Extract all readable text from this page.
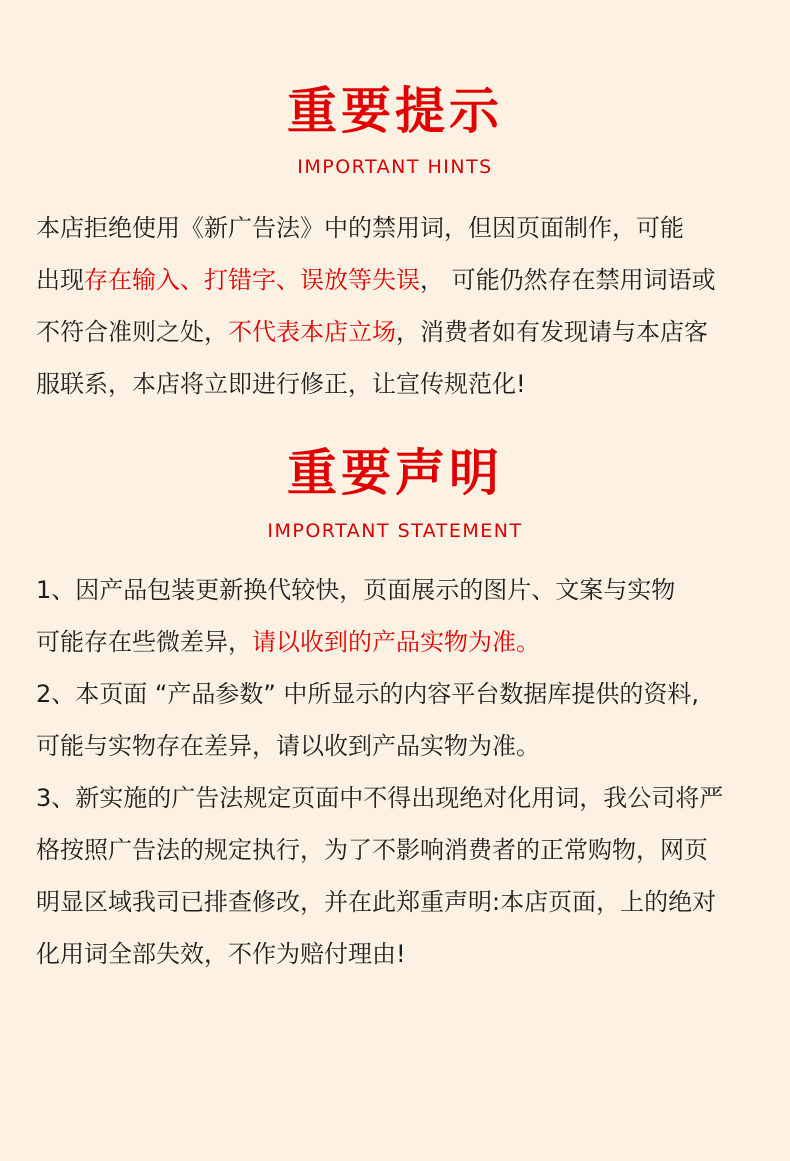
重要提示

IMPORTANT HINTS

本店拒绝使用《新广告法》中的禁用词，但因页面制作，可能

出现存在输入、打错字、误放等失误， 可能仍然存在禁用词语或

不符合准则之处，不代表本店立场，消费者如有发现请与本店客

服联系，本店将立即进行修正，让宣传规范化!

重要声明

IMPORTANT STATEMENT

1、因产品包装更新换代较快，页面展示的图片、文案与实物

可能存在些微差异，请以收到的产品实物为准。

2、本页面 “产品参数” 中所显示的内容平台数据库提供的资料,

可能与实物存在差异，请以收到产品实物为准。

3、新实施的广告法规定页面中不得出现绝对化用词，我公司将严

格按照广告法的规定执行，为了不影响消费者的正常购物，网页

明显区域我司已排查修改，并在此郑重声明:本店页面，上的绝对

化用词全部失效，不作为赔付理由!
